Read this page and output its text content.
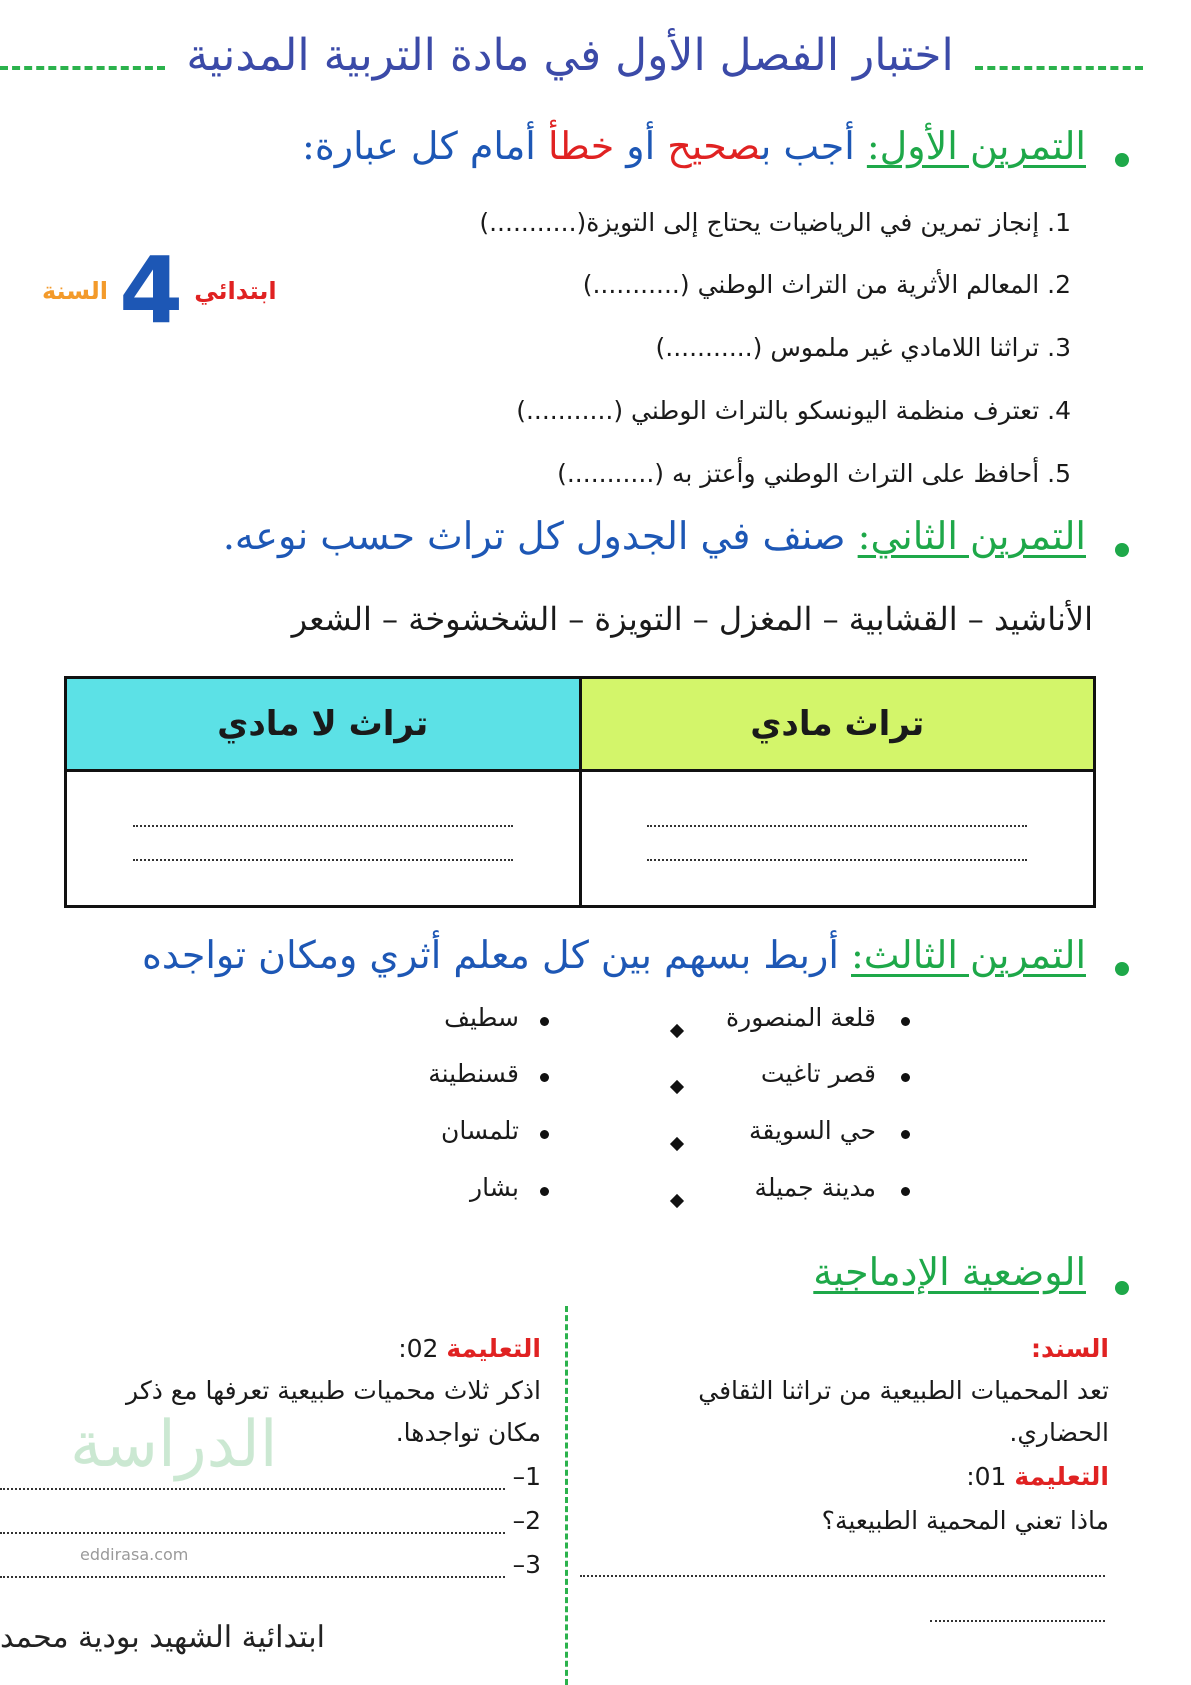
اختبار الفصل الأول في مادة التربية المدنية
التمرين الأول: أجب بصحيح أو خطأ أمام كل عبارة:
1. إنجاز تمرين في الرياضيات يحتاج إلى التويزة(...........)
2. المعالم الأثرية من التراث الوطني (...........)
3. تراثنا اللامادي غير ملموس (...........)
4. تعترف منظمة اليونسكو بالتراث الوطني (...........)
5. أحافظ على التراث الوطني وأعتز به (...........)
ابتدائي 4 السنة
التمرين الثاني: صنف في الجدول كل تراث حسب نوعه.
الأناشيد – القشابية – المغزل – التويزة – الشخشوخة – الشعر
تراث مادي	تراث لا مادي

التمرين الثالث: أربط بسهم بين كل معلم أثري ومكان تواجده
قلعة المنصورة
قصر تاغيت
حي السويقة
مدينة جميلة
سطيف
قسنطينة
تلمسان
بشار
الوضعية الإدماجية
السند:
تعد المحميات الطبيعية من تراثنا الثقافي
الحضاري.
التعليمة 01:
ماذا تعني المحمية الطبيعية؟
التعليمة 02:
اذكر ثلاث محميات طبيعية تعرفها مع ذكر
مكان تواجدها.
الدراسة
eddirasa.com
1–
2–
3–
ابتدائية الشهيد بودية محمد
